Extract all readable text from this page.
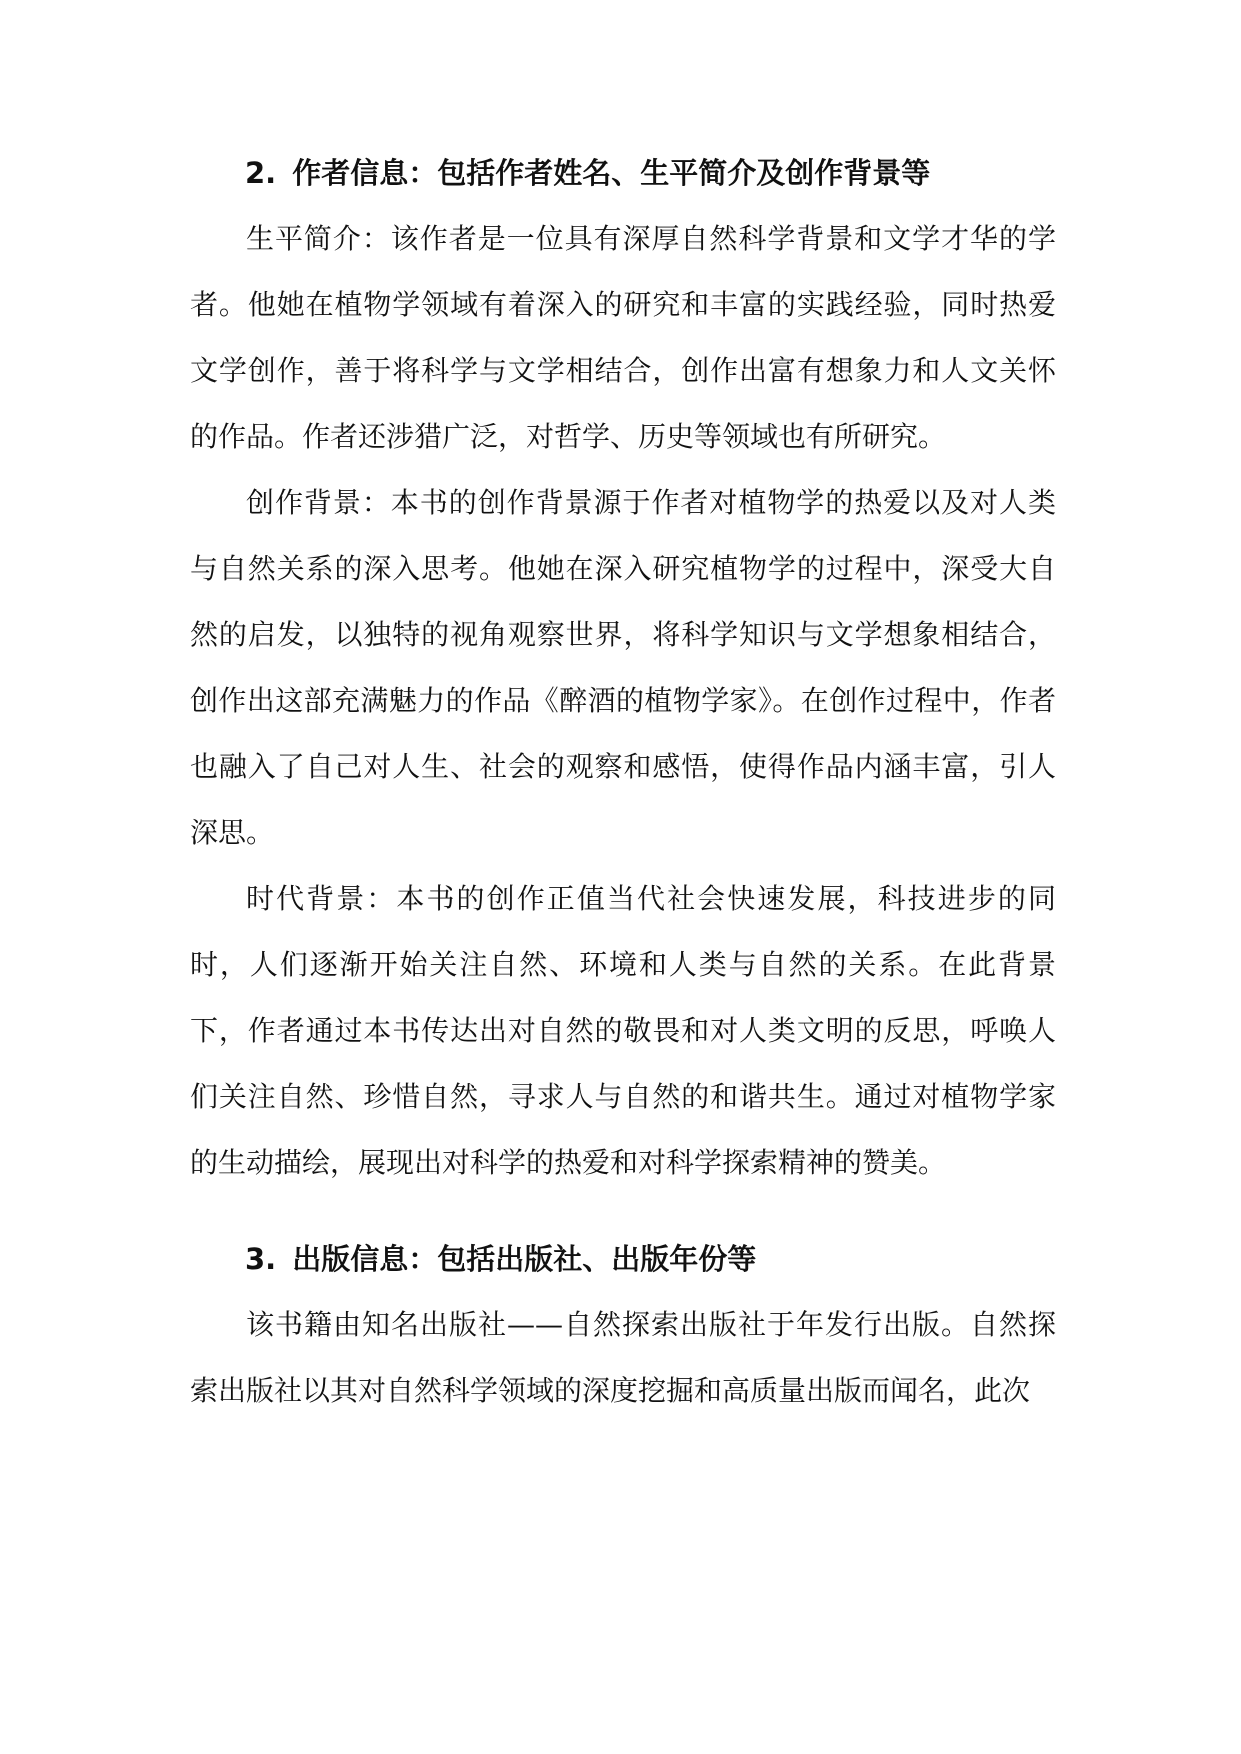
2. 作者信息：包括作者姓名、生平简介及创作背景等

生平简介：该作者是一位具有深厚自然科学背景和文学才华的学者。他她在植物学领域有着深入的研究和丰富的实践经验，同时热爱文学创作，善于将科学与文学相结合，创作出富有想象力和人文关怀的作品。作者还涉猎广泛，对哲学、历史等领域也有所研究。

创作背景：本书的创作背景源于作者对植物学的热爱以及对人类与自然关系的深入思考。他她在深入研究植物学的过程中，深受大自然的启发，以独特的视角观察世界，将科学知识与文学想象相结合，创作出这部充满魅力的作品《醉酒的植物学家》。在创作过程中，作者也融入了自己对人生、社会的观察和感悟，使得作品内涵丰富，引人深思。

时代背景：本书的创作正值当代社会快速发展，科技进步的同时，人们逐渐开始关注自然、环境和人类与自然的关系。在此背景下，作者通过本书传达出对自然的敬畏和对人类文明的反思，呼唤人们关注自然、珍惜自然，寻求人与自然的和谐共生。通过对植物学家的生动描绘，展现出对科学的热爱和对科学探索精神的赞美。

3. 出版信息：包括出版社、出版年份等

该书籍由知名出版社——自然探索出版社于年发行出版。自然探索出版社以其对自然科学领域的深度挖掘和高质量出版而闻名，此次
